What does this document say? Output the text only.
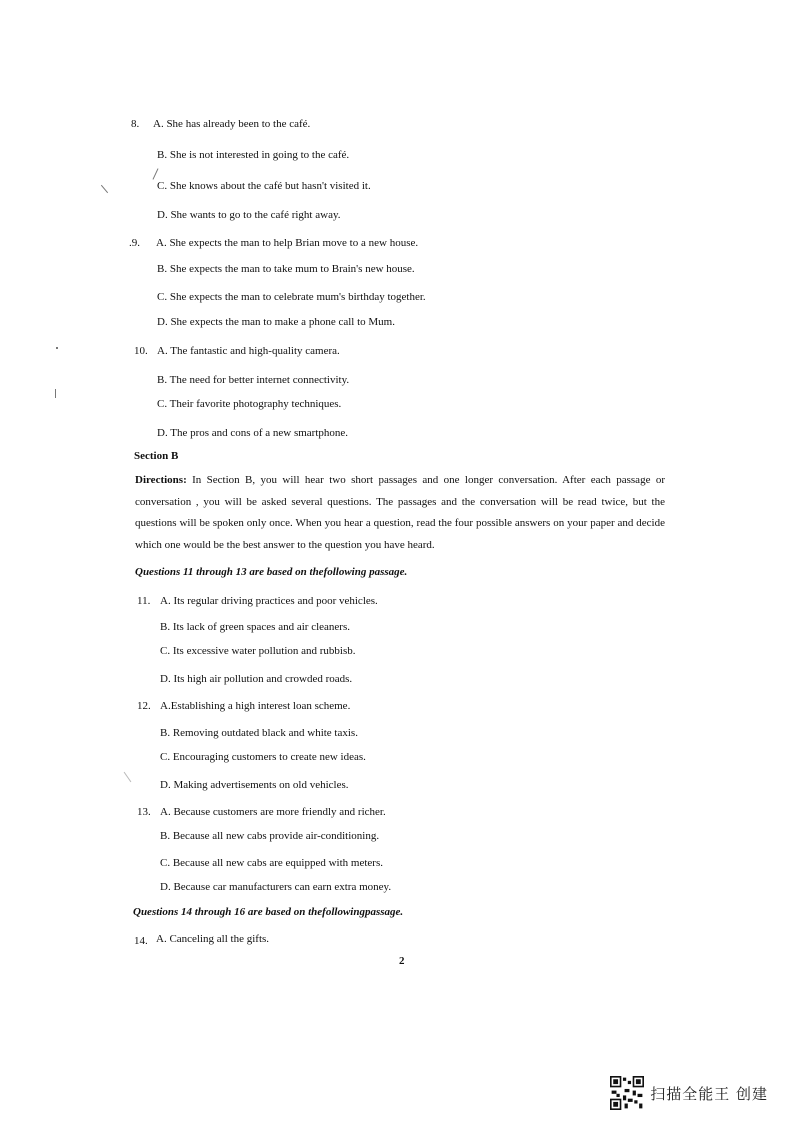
8. A. She has already been to the café.
B. She is not interested in going to the café.
C. She knows about the café but hasn't visited it.
D. She wants to go to the café right away.
.9. A. She expects the man to help Brian move to a new house.
B. She expects the man to take mum to Brain's new house.
C. She expects the man to celebrate mum's birthday together.
D. She expects the man to make a phone call to Mum.
10. A. The fantastic and high-quality camera.
B. The need for better internet connectivity.
C. Their favorite photography techniques.
D. The pros and cons of a new smartphone.
Section B
Directions: In Section B, you will hear two short passages and one longer conversation. After each passage or conversation , you will be asked several questions. The passages and the conversation will be read twice, but the questions will be spoken only once. When you hear a question, read the four possible answers on your paper and decide which one would be the best answer to the question you have heard.
Questions 11 through 13 are based on thefollowing passage.
11. A. Its regular driving practices and poor vehicles.
B. Its lack of green spaces and air cleaners.
C. Its excessive water pollution and rubbisb.
D. Its high air pollution and crowded roads.
12. A.Establishing a high interest loan scheme.
B. Removing outdated black and white taxis.
C. Encouraging customers to create new ideas.
D. Making advertisements on old vehicles.
13. A. Because customers are more friendly and richer.
B. Because all new cabs provide air-conditioning.
C. Because all new cabs are equipped with meters.
D. Because car manufacturers can earn extra money.
Questions 14 through 16 are based on thefollowingpassage.
14. A. Canceling all the gifts.
2
扫描全能王 创建
